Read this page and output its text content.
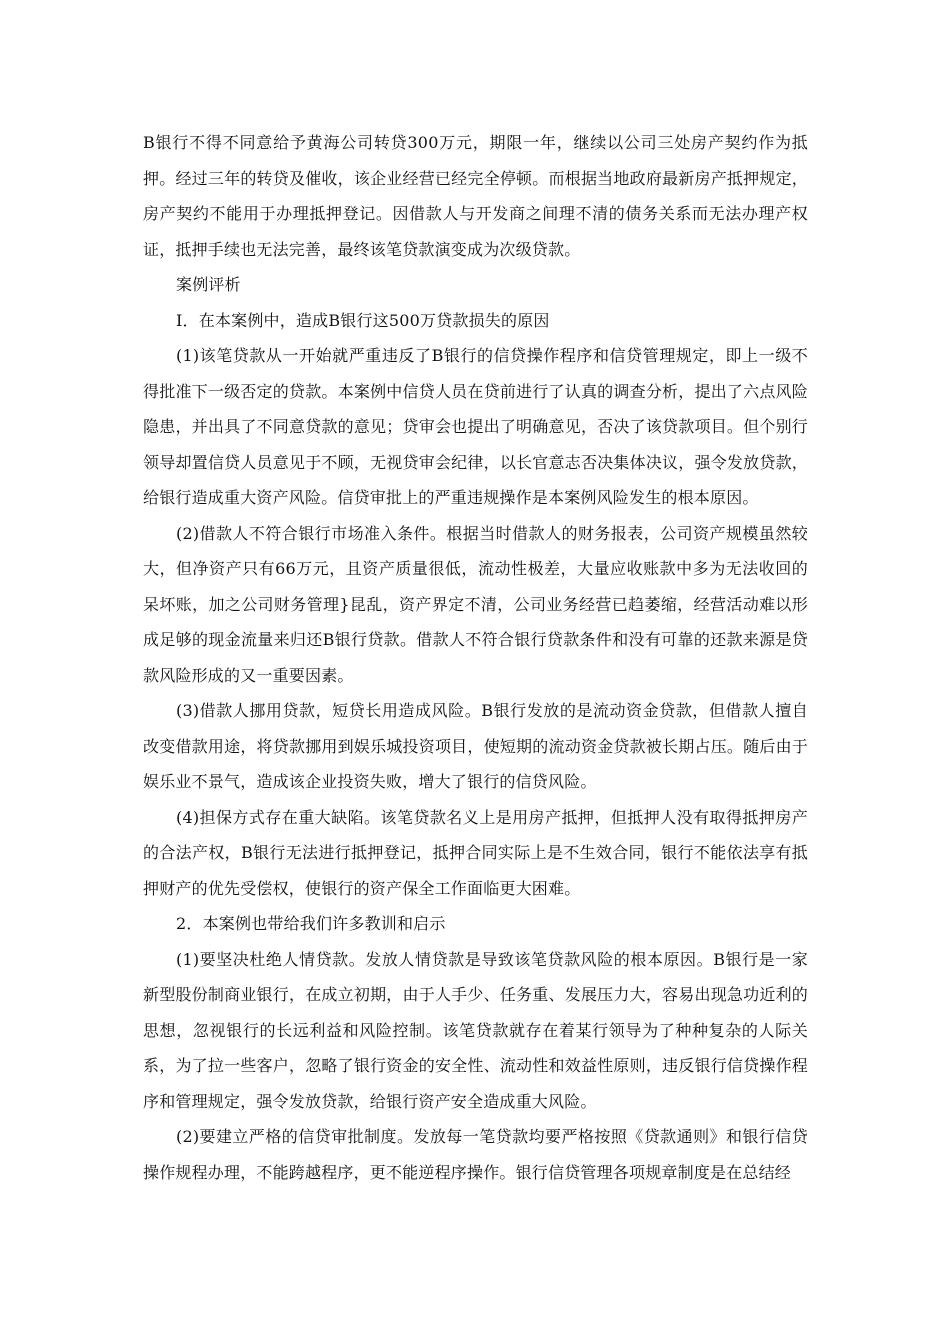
B银行不得不同意给予黄海公司转贷300万元，期限一年，继续以公司三处房产契约作为抵押。经过三年的转贷及催收，该企业经营已经完全停顿。而根据当地政府最新房产抵押规定，房产契约不能用于办理抵押登记。因借款人与开发商之间理不清的债务关系而无法办理产权证，抵押手续也无法完善，最终该笔贷款演变成为次级贷款。

案例评析

I．在本案例中，造成B银行这500万贷款损失的原因

(1)该笔贷款从一开始就严重违反了B银行的信贷操作程序和信贷管理规定，即上一级不得批准下一级否定的贷款。本案例中信贷人员在贷前进行了认真的调查分析，提出了六点风险隐患，并出具了不同意贷款的意见；贷审会也提出了明确意见，否决了该贷款项目。但个别行领导却置信贷人员意见于不顾，无视贷审会纪律，以长官意志否决集体决议，强令发放贷款，给银行造成重大资产风险。信贷审批上的严重违规操作是本案例风险发生的根本原因。

(2)借款人不符合银行市场准入条件。根据当时借款人的财务报表，公司资产规模虽然较大，但净资产只有66万元，且资产质量很低，流动性极差，大量应收账款中多为无法收回的呆坏账，加之公司财务管理}昆乱，资产界定不清，公司业务经营已趋萎缩，经营活动难以形成足够的现金流量来归还B银行贷款。借款人不符合银行贷款条件和没有可靠的还款来源是贷款风险形成的又一重要因素。

(3)借款人挪用贷款，短贷长用造成风险。B银行发放的是流动资金贷款，但借款人擅自改变借款用途，将贷款挪用到娱乐城投资项目，使短期的流动资金贷款被长期占压。随后由于娱乐业不景气，造成该企业投资失败，增大了银行的信贷风险。

(4)担保方式存在重大缺陷。该笔贷款名义上是用房产抵押，但抵押人没有取得抵押房产的合法产权，B银行无法进行抵押登记，抵押合同实际上是不生效合同，银行不能依法享有抵押财产的优先受偿权，使银行的资产保全工作面临更大困难。

2．本案例也带给我们许多教训和启示

(1)要坚决杜绝人情贷款。发放人情贷款是导致该笔贷款风险的根本原因。B银行是一家新型股份制商业银行，在成立初期，由于人手少、任务重、发展压力大，容易出现急功近利的思想，忽视银行的长远利益和风险控制。该笔贷款就存在着某行领导为了种种复杂的人际关系，为了拉一些客户，忽略了银行资金的安全性、流动性和效益性原则，违反银行信贷操作程序和管理规定，强令发放贷款，给银行资产安全造成重大风险。

(2)要建立严格的信贷审批制度。发放每一笔贷款均要严格按照《贷款通则》和银行信贷操作规程办理，不能跨越程序，更不能逆程序操作。银行信贷管理各项规章制度是在总结经
